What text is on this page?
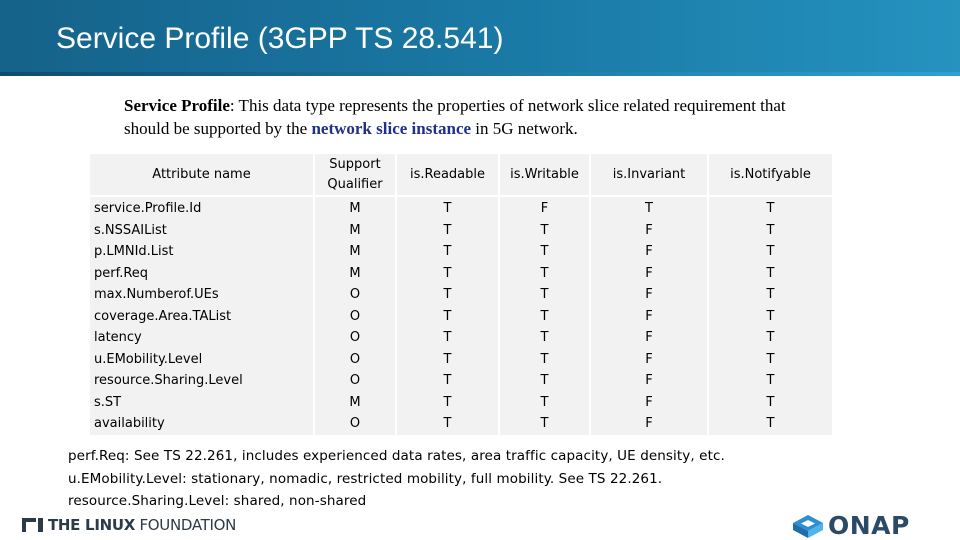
Service Profile (3GPP TS 28.541)
Service Profile: This data type represents the properties of network slice related requirement that should be supported by the network slice instance in 5G network.
Attribute name	Support Qualifier	is.Readable	is.Writable	is.Invariant	is.Notifyable
service.Profile.Id	M	T	F	T	T
s.NSSAIList	M	T	T	F	T
p.LMNId.List	M	T	T	F	T
perf.Req	M	T	T	F	T
max.Numberof.UEs	O	T	T	F	T
coverage.Area.TAList	O	T	T	F	T
latency	O	T	T	F	T
u.EMobility.Level	O	T	T	F	T
resource.Sharing.Level	O	T	T	F	T
s.ST	M	T	T	F	T
availability	O	T	T	F	T
perf.Req: See TS 22.261, includes experienced data rates, area traffic capacity, UE density, etc.
u.EMobility.Level: stationary, nomadic, restricted mobility, full mobility. See TS 22.261.
resource.Sharing.Level: shared, non-shared
THE LINUX FOUNDATION	ONAP
